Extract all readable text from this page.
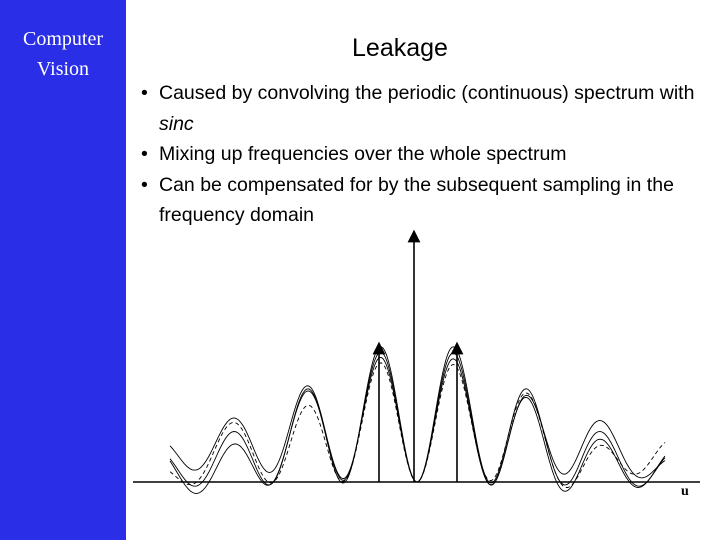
Computer
Vision
Leakage
• Caused by convolving the periodic (continuous) spectrum with sinc
• Mixing up frequencies over the whole spectrum
• Can be compensated for by the subsequent sampling in the frequency domain
u
